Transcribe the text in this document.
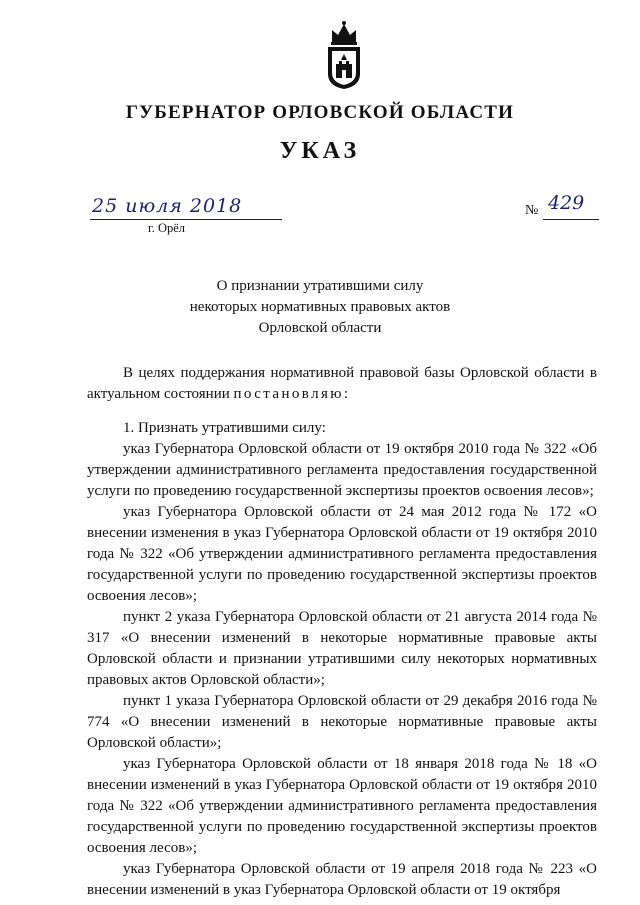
ГУБЕРНАТОР ОРЛОВСКОЙ ОБЛАСТИ
УКАЗ
25 июля 2018
г. Орёл
№ 429
О признании утратившими силу
некоторых нормативных правовых актов
Орловской области

В целях поддержания нормативной правовой базы Орловской области в актуальном состоянии постановляю:

1. Признать утратившими силу:

указ Губернатора Орловской области от 19 октября 2010 года № 322 «Об утверждении административного регламента предоставления государственной услуги по проведению государственной экспертизы проектов освоения лесов»;

указ Губернатора Орловской области от 24 мая 2012 года № 172 «О внесении изменения в указ Губернатора Орловской области от 19 октября 2010 года № 322 «Об утверждении административного регламента предоставления государственной услуги по проведению государственной экспертизы проектов освоения лесов»;

пункт 2 указа Губернатора Орловской области от 21 августа 2014 года № 317 «О внесении изменений в некоторые нормативные правовые акты Орловской области и признании утратившими силу некоторых нормативных правовых актов Орловской области»;

пункт 1 указа Губернатора Орловской области от 29 декабря 2016 года № 774 «О внесении изменений в некоторые нормативные правовые акты Орловской области»;

указ Губернатора Орловской области от 18 января 2018 года № 18 «О внесении изменений в указ Губернатора Орловской области от 19 октября 2010 года № 322 «Об утверждении административного регламента предоставления государственной услуги по проведению государственной экспертизы проектов освоения лесов»;

указ Губернатора Орловской области от 19 апреля 2018 года № 223 «О внесении изменений в указ Губернатора Орловской области от 19 октября
